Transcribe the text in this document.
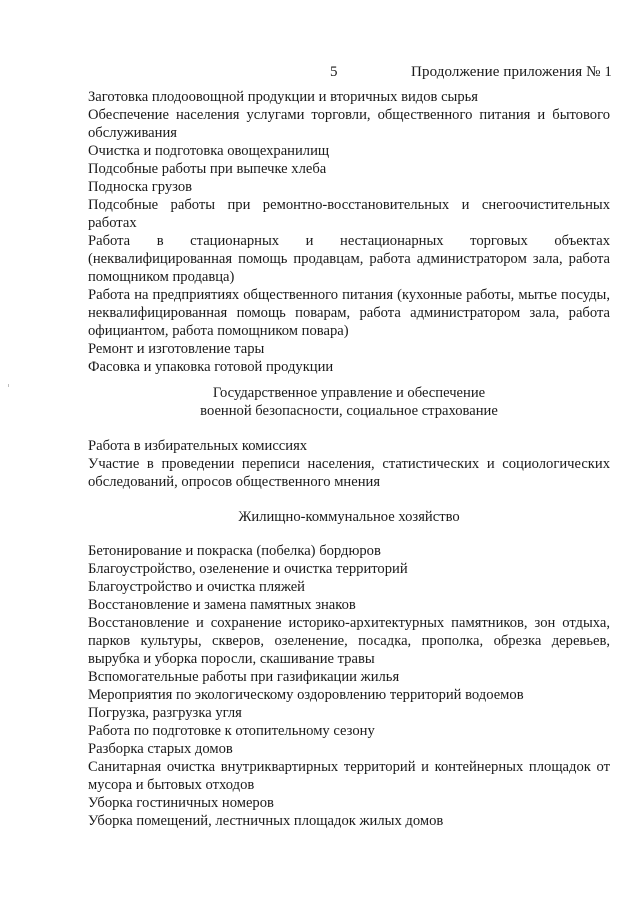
5	Продолжение приложения № 1

Заготовка плодоовощной продукции и вторичных видов сырья

Обеспечение населения услугами торговли, общественного питания и бытового обслуживания

Очистка и подготовка овощехранилищ

Подсобные работы при выпечке хлеба

Подноска грузов

Подсобные работы при ремонтно-восстановительных и снегоочистительных работах

Работа в стационарных и нестационарных торговых объектах (неквалифицированная помощь продавцам, работа администратором зала, работа помощником продавца)

Работа на предприятиях общественного питания (кухонные работы, мытье посуды, неквалифицированная помощь поварам, работа администратором зала, работа официантом, работа помощником повара)

Ремонт и изготовление тары

Фасовка и упаковка готовой продукции

Государственное управление и обеспечение
военной безопасности, социальное страхование

Работа в избирательных комиссиях

Участие в проведении переписи населения, статистических и социологических обследований, опросов общественного мнения

Жилищно-коммунальное хозяйство

Бетонирование и покраска (побелка) бордюров

Благоустройство, озеленение и очистка территорий

Благоустройство и очистка пляжей

Восстановление и замена памятных знаков

Восстановление и сохранение историко-архитектурных памятников, зон отдыха, парков культуры, скверов, озеленение, посадка, прополка, обрезка деревьев, вырубка и уборка поросли, скашивание травы

Вспомогательные работы при газификации жилья

Мероприятия по экологическому оздоровлению территорий водоемов

Погрузка, разгрузка угля

Работа по подготовке к отопительному сезону

Разборка старых домов

Санитарная очистка внутриквартирных территорий и контейнерных площадок от мусора и бытовых отходов

Уборка гостиничных номеров

Уборка помещений, лестничных площадок жилых домов
